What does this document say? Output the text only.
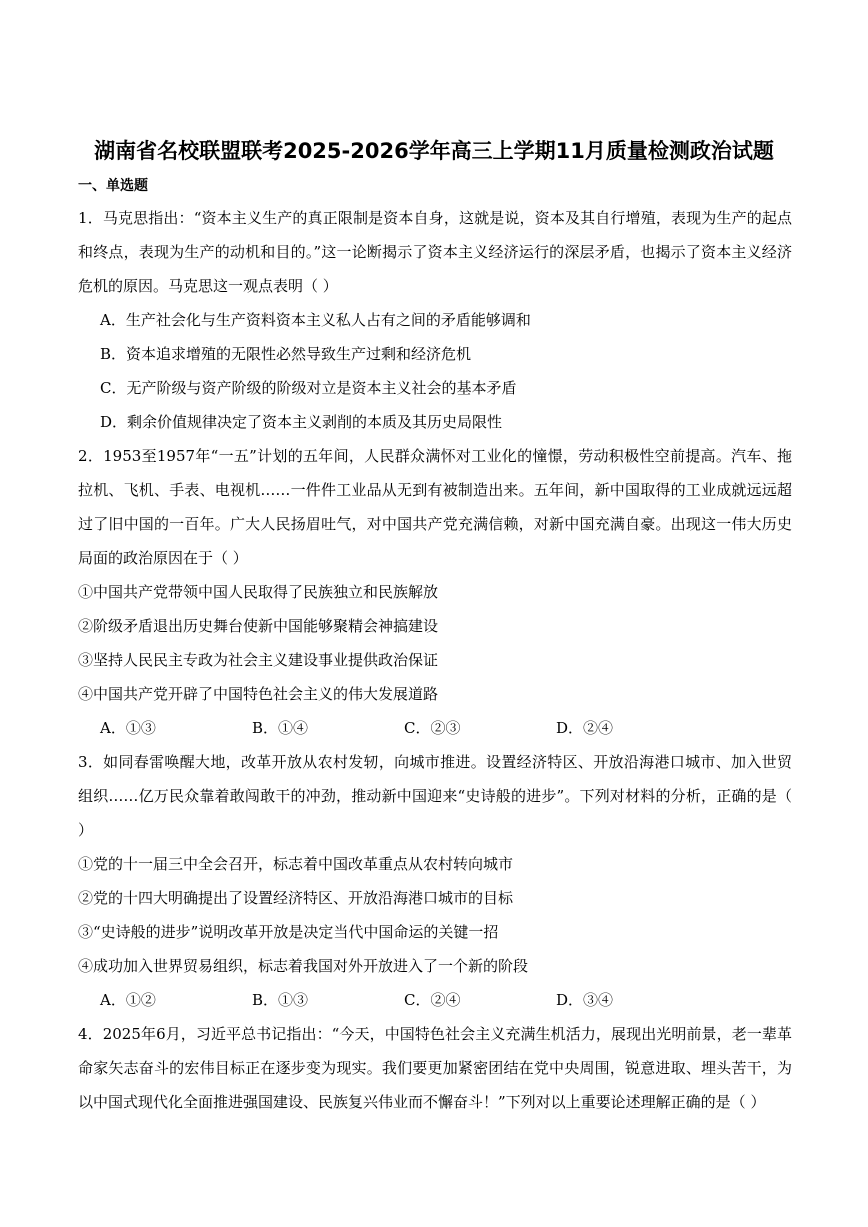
湖南省名校联盟联考2025-2026学年高三上学期11月质量检测政治试题
一、单选题

1．马克思指出：“资本主义生产的真正限制是资本自身，这就是说，资本及其自行增殖，表现为生产的起点和终点，表现为生产的动机和目的。”这一论断揭示了资本主义经济运行的深层矛盾，也揭示了资本主义经济危机的原因。马克思这一观点表明（ ）

A．生产社会化与生产资料资本主义私人占有之间的矛盾能够调和

B．资本追求增殖的无限性必然导致生产过剩和经济危机

C．无产阶级与资产阶级的阶级对立是资本主义社会的基本矛盾

D．剩余价值规律决定了资本主义剥削的本质及其历史局限性

2．1953至1957年“一五”计划的五年间，人民群众满怀对工业化的憧憬，劳动积极性空前提高。汽车、拖拉机、飞机、手表、电视机……一件件工业品从无到有被制造出来。五年间，新中国取得的工业成就远远超过了旧中国的一百年。广大人民扬眉吐气，对中国共产党充满信赖，对新中国充满自豪。出现这一伟大历史局面的政治原因在于（ ）

①中国共产党带领中国人民取得了民族独立和民族解放

②阶级矛盾退出历史舞台使新中国能够聚精会神搞建设

③坚持人民民主专政为社会主义建设事业提供政治保证

④中国共产党开辟了中国特色社会主义的伟大发展道路

A．①③	B．①④	C．②③	D．②④

3．如同春雷唤醒大地，改革开放从农村发轫，向城市推进。设置经济特区、开放沿海港口城市、加入世贸组织……亿万民众靠着敢闯敢干的冲劲，推动新中国迎来“史诗般的进步”。下列对材料的分析，正确的是（ ）

①党的十一届三中全会召开，标志着中国改革重点从农村转向城市

②党的十四大明确提出了设置经济特区、开放沿海港口城市的目标

③“史诗般的进步”说明改革开放是决定当代中国命运的关键一招

④成功加入世界贸易组织，标志着我国对外开放进入了一个新的阶段

A．①②	B．①③	C．②④	D．③④

4．2025年6月，习近平总书记指出：“今天，中国特色社会主义充满生机活力，展现出光明前景，老一辈革命家矢志奋斗的宏伟目标正在逐步变为现实。我们要更加紧密团结在党中央周围，锐意进取、埋头苦干，为以中国式现代化全面推进强国建设、民族复兴伟业而不懈奋斗！”下列对以上重要论述理解正确的是（ ）
